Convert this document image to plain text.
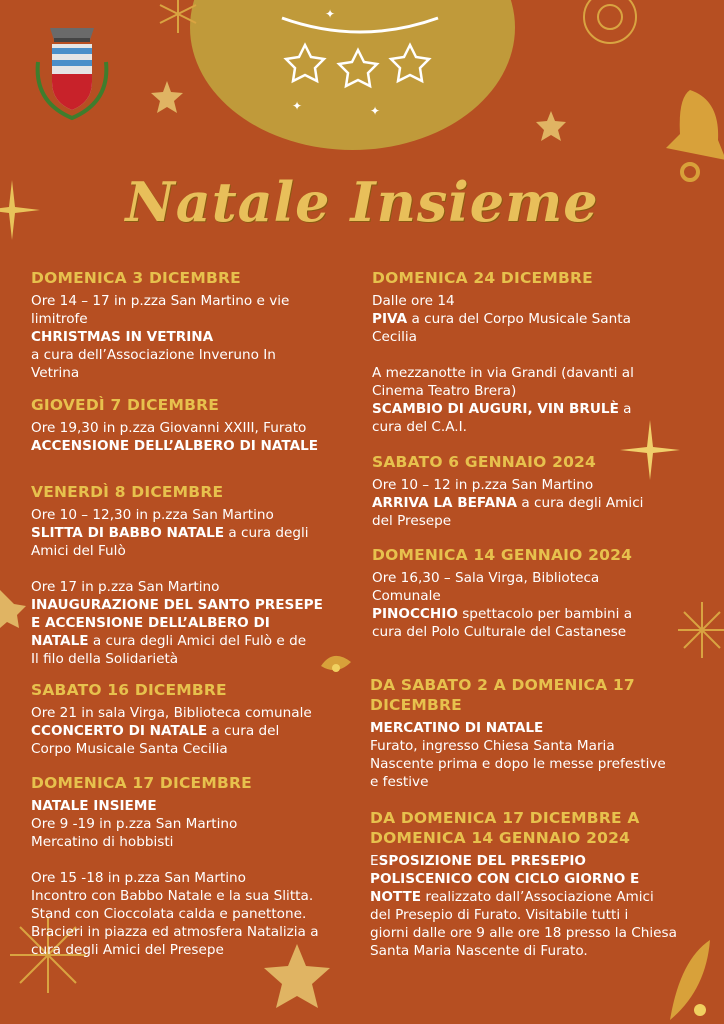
✦
✦	✦
Natale Insieme

DOMENICA 3 DICEMBRE

Ore 14 – 17 in p.zza San Martino e vie

limitrofe

CHRISTMAS IN VETRINA

a cura dell’Associazione Inveruno In

Vetrina

GIOVEDÌ 7 DICEMBRE

Ore 19,30 in p.zza Giovanni XXIII, Furato

ACCENSIONE DELL’ALBERO DI NATALE

VENERDÌ 8 DICEMBRE

Ore 10 – 12,30 in p.zza San Martino

SLITTA DI BABBO NATALE a cura degli

Amici del Fulò

Ore 17 in p.zza San Martino

INAUGURAZIONE DEL SANTO PRESEPE

E ACCENSIONE DELL’ALBERO DI

NATALE a cura degli Amici del Fulò e de

Il filo della Solidarietà

SABATO 16 DICEMBRE

Ore 21 in sala Virga, Biblioteca comunale

CCONCERTO DI NATALE a cura del

Corpo Musicale Santa Cecilia

DOMENICA 17 DICEMBRE

NATALE INSIEME

Ore 9 -19 in p.zza San Martino

Mercatino di hobbisti

Ore 15 -18 in p.zza San Martino

Incontro con Babbo Natale e la sua Slitta.

Stand con Cioccolata calda e panettone.

Bracieri in piazza ed atmosfera Natalizia a

cura degli Amici del Presepe

DOMENICA 24 DICEMBRE

Dalle ore 14

PIVA a cura del Corpo Musicale Santa

Cecilia

A mezzanotte in via Grandi (davanti al

Cinema Teatro Brera)

SCAMBIO DI AUGURI, VIN BRULÈ a

cura del C.A.I.

SABATO 6 GENNAIO 2024

Ore 10 – 12 in p.zza San Martino

ARRIVA LA BEFANA a cura degli Amici

del Presepe

DOMENICA 14 GENNAIO 2024

Ore 16,30 – Sala Virga, Biblioteca

Comunale

PINOCCHIO spettacolo per bambini a

cura del Polo Culturale del Castanese

DA SABATO 2 A DOMENICA 17

DICEMBRE

MERCATINO DI NATALE

Furato, ingresso Chiesa Santa Maria

Nascente prima e dopo le messe prefestive

e festive

DA DOMENICA 17 DICEMBRE A

DOMENICA 14 GENNAIO 2024

ESPOSIZIONE DEL PRESEPIO

POLISCENICO CON CICLO GIORNO E

NOTTE realizzato dall’Associazione Amici

del Presepio di Furato. Visitabile tutti i

giorni dalle ore 9 alle ore 18 presso la Chiesa

Santa Maria Nascente di Furato.
